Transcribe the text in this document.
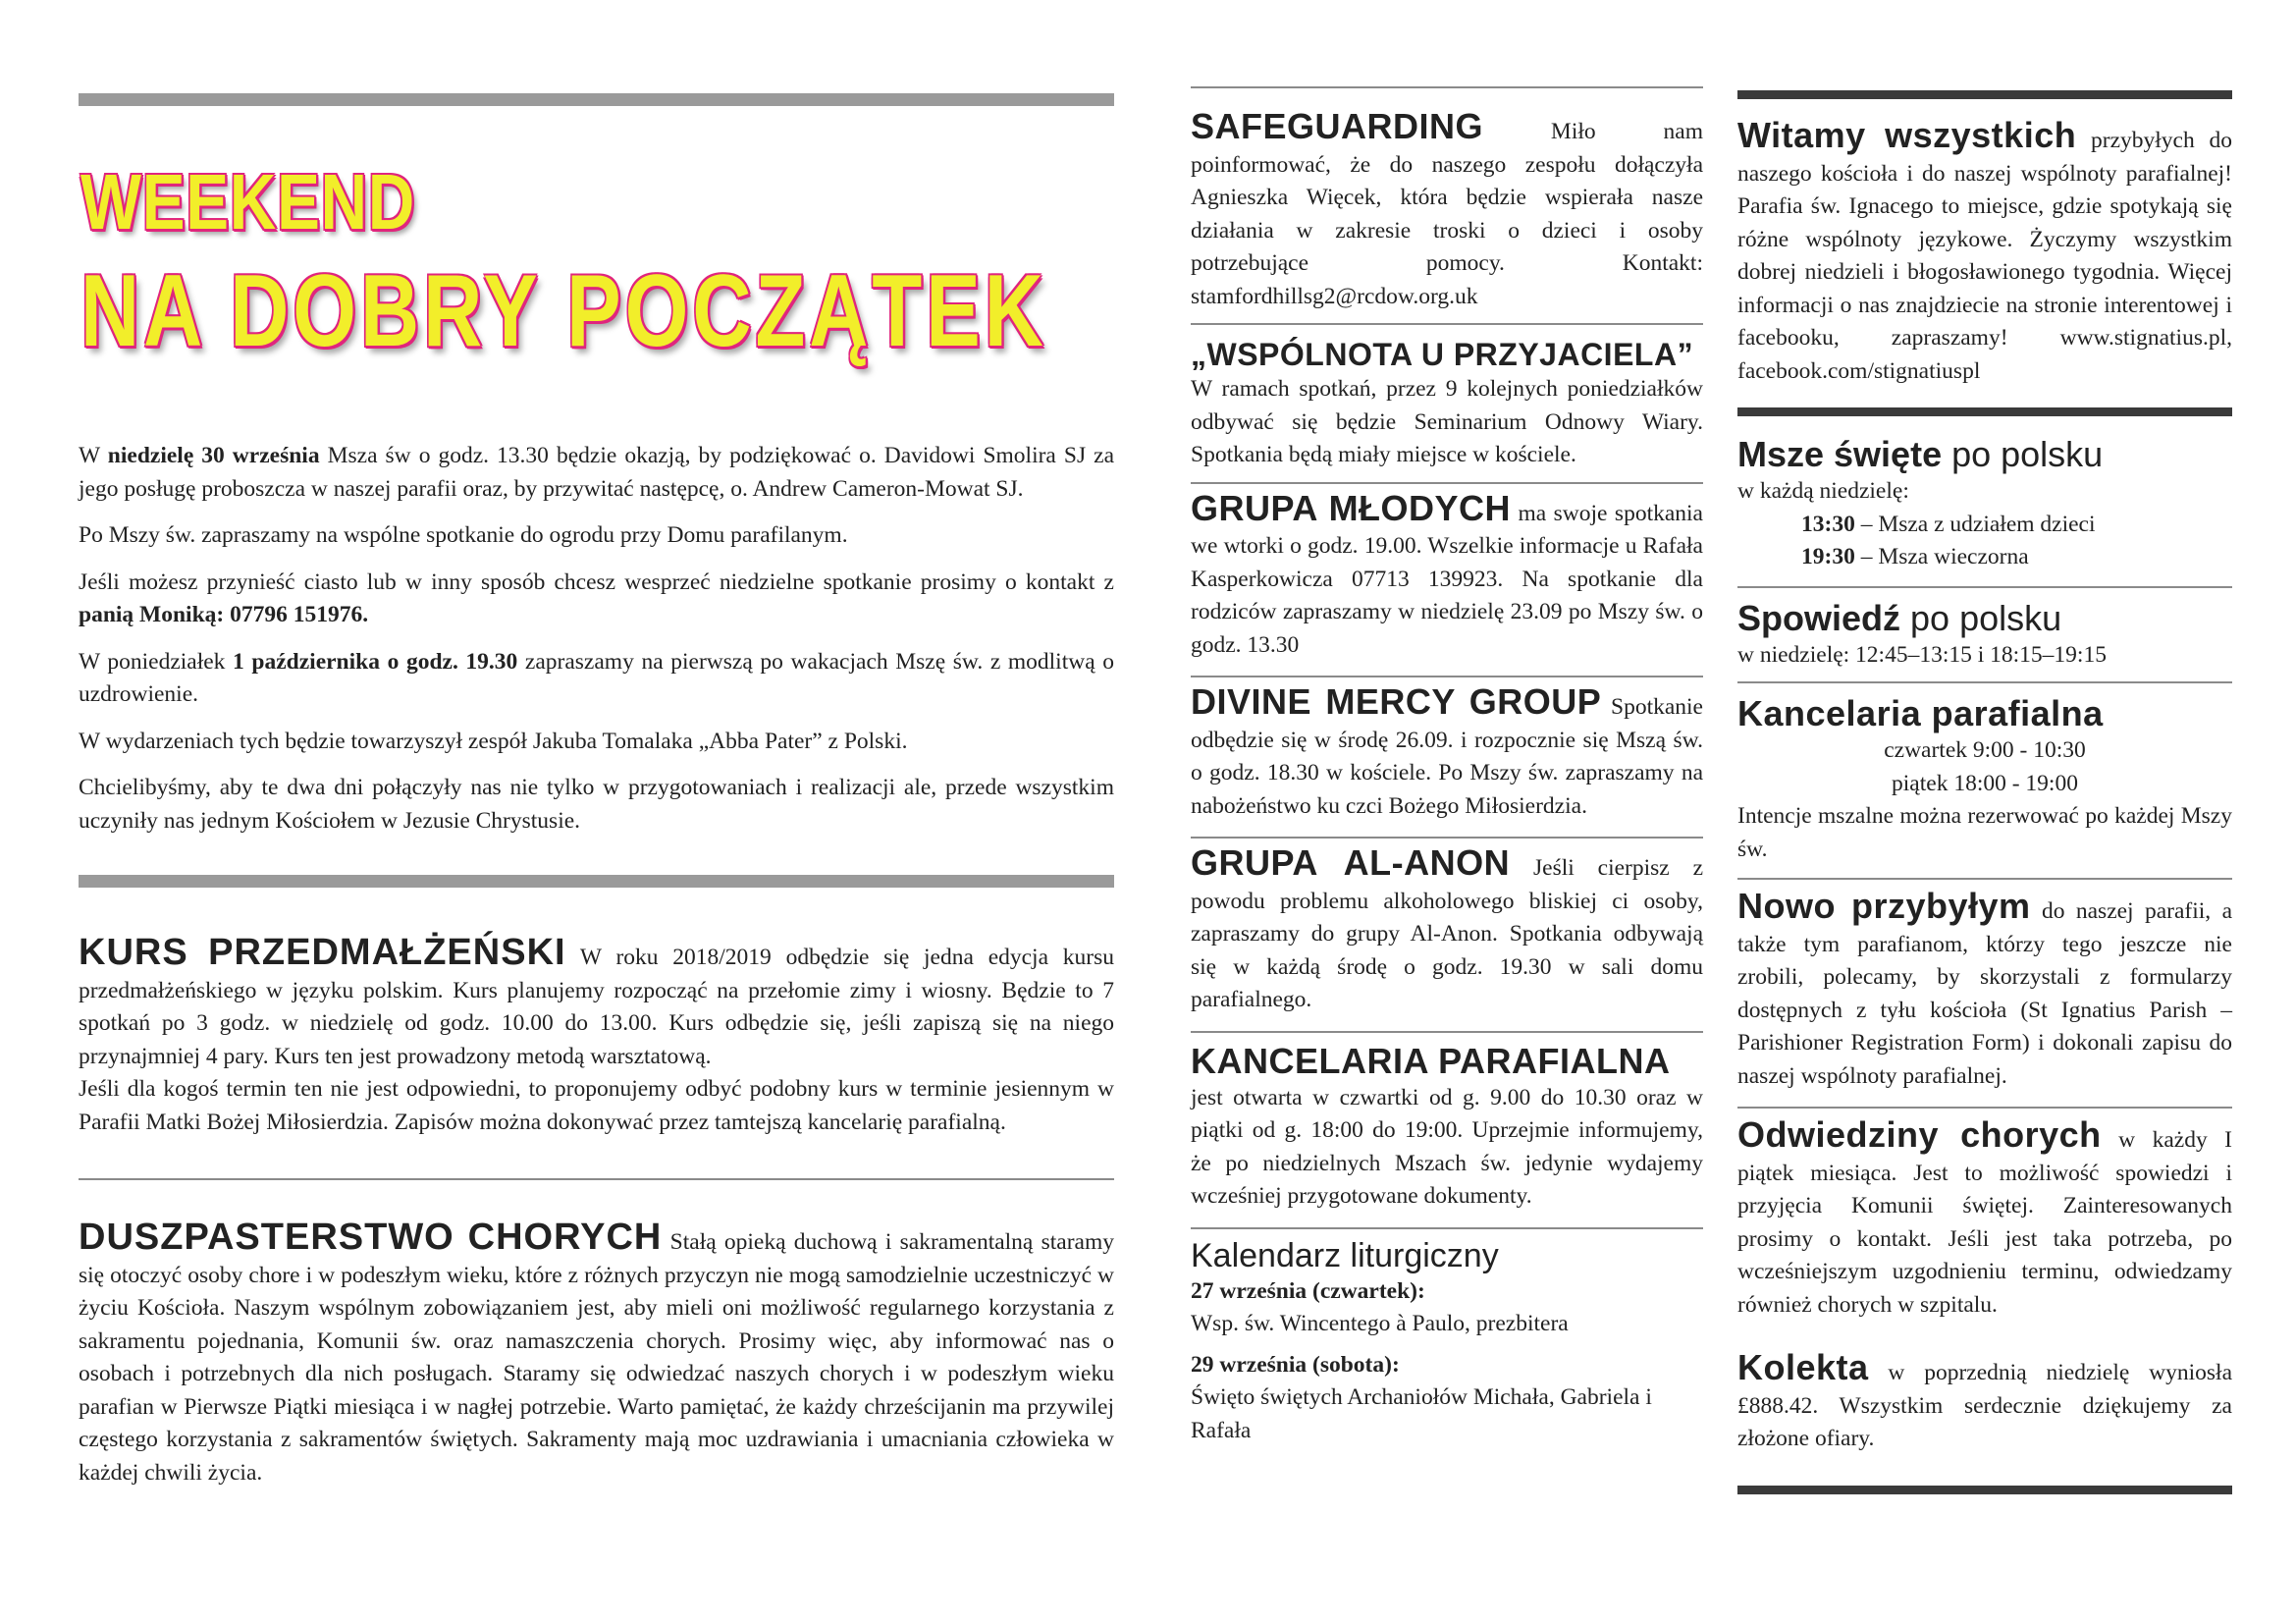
WEEKEND
NA DOBRY POCZĄTEK

W niedzielę 30 września Msza św o godz. 13.30 będzie okazją, by podziękować o. Davidowi Smolira SJ za jego posługę proboszcza w naszej parafii oraz, by przywitać następcę, o. Andrew Cameron-Mowat SJ.

Po Mszy św. zapraszamy na wspólne spotkanie do ogrodu przy Domu parafilanym.

Jeśli możesz przynieść ciasto lub w inny sposób chcesz wesprzeć niedzielne spotkanie prosimy o kontakt z panią Moniką: 07796 151976.

W poniedziałek 1 października o godz. 19.30 zapraszamy na pierwszą po wakacjach Mszę św. z modlitwą o uzdrowienie.

W wydarzeniach tych będzie towarzyszył zespół Jakuba Tomalaka „Abba Pater” z Polski.

Chcielibyśmy, aby te dwa dni połączyły nas nie tylko w przygotowaniach i realizacji ale, przede wszystkim uczyniły nas jednym Kościołem w Jezusie Chrystusie.

KURS PRZEDMAŁŻEŃSKI W roku 2018/2019 odbędzie się jedna edycja kursu przedmałżeńskiego w języku polskim. Kurs planujemy rozpocząć na przełomie zimy i wiosny. Będzie to 7 spotkań po 3 godz. w niedzielę od godz. 10.00 do 13.00. Kurs odbędzie się, jeśli zapiszą się na niego przynajmniej 4 pary. Kurs ten jest prowadzony metodą warsztatową.

Jeśli dla kogoś termin ten nie jest odpowiedni, to proponujemy odbyć podobny kurs w terminie jesiennym w Parafii Matki Bożej Miłosierdzia. Zapisów można dokonywać przez tamtejszą kancelarię parafialną.

DUSZPASTERSTWO CHORYCH Stałą opieką duchową i sakramentalną staramy się otoczyć osoby chore i w podeszłym wieku, które z różnych przyczyn nie mogą samodzielnie uczestniczyć w życiu Kościoła. Naszym wspólnym zobowiązaniem jest, aby mieli oni możliwość regularnego korzystania z sakramentu pojednania, Komunii św. oraz namaszczenia chorych. Prosimy więc, aby informować nas o osobach i potrzebnych dla nich posługach. Staramy się odwiedzać naszych chorych i w podeszłym wieku parafian w Pierwsze Piątki miesiąca i w nagłej potrzebie. Warto pamiętać, że każdy chrześcijanin ma przywilej częstego korzystania z sakramentów świętych. Sakramenty mają moc uzdrawiania i umacniania człowieka w każdej chwili życia.

SAFEGUARDING Miło nam poinformować, że do naszego zespołu dołączyła Agnieszka Więcek, która będzie wspierała nasze działania w zakresie troski o dzieci i osoby potrzebujące pomocy. Kontakt: stamfordhillsg2@rcdow.org.uk

„WSPÓLNOTA U PRZYJACIELA”

W ramach spotkań, przez 9 kolejnych poniedziałków odbywać się będzie Seminarium Odnowy Wiary. Spotkania będą miały miejsce w kościele.

GRUPA MŁODYCH ma swoje spotkania we wtorki o godz. 19.00. Wszelkie informacje u Rafała Kasperkowicza 07713 139923. Na spotkanie dla rodziców zapraszamy w niedzielę 23.09 po Mszy św. o godz. 13.30

DIVINE MERCY GROUP Spotkanie odbędzie się w środę 26.09. i rozpocznie się Mszą św. o godz. 18.30 w kościele. Po Mszy św. zapraszamy na nabożeństwo ku czci Bożego Miłosierdzia.

GRUPA AL-ANON Jeśli cierpisz z powodu problemu alkoholowego bliskiej ci osoby, zapraszamy do grupy Al-Anon. Spotkania odbywają się w każdą środę o godz. 19.30 w sali domu parafialnego.

KANCELARIA PARAFIALNA

jest otwarta w czwartki od g. 9.00 do 10.30 oraz w piątki od g. 18:00 do 19:00. Uprzejmie informujemy, że po niedzielnych Mszach św. jedynie wydajemy wcześniej przygotowane dokumenty.

Kalendarz liturgiczny

27 września (czwartek):

Wsp. św. Wincentego à Paulo, prezbitera

29 września (sobota):

Święto świętych Archaniołów Michała, Gabriela i Rafała

Witamy wszystkich przybyłych do naszego kościoła i do naszej wspólnoty parafialnej! Parafia św. Ignacego to miejsce, gdzie spotykają się różne wspólnoty językowe. Życzymy wszystkim dobrej niedzieli i błogosławionego tygodnia. Więcej informacji o nas znajdziecie na stronie interentowej i facebooku, zapraszamy! www.stignatius.pl, facebook.com/stignatiuspl

Msze święte po polsku

w każdą niedzielę:

13:30 – Msza z udziałem dzieci

19:30 – Msza wieczorna

Spowiedź po polsku

w niedzielę: 12:45–13:15 i 18:15–19:15

Kancelaria parafialna

czwartek 9:00 - 10:30

piątek 18:00 - 19:00

Intencje mszalne można rezerwować po każdej Mszy św.

Nowo przybyłym do naszej parafii, a także tym parafianom, którzy tego jeszcze nie zrobili, polecamy, by skorzystali z formularzy dostępnych z tyłu kościoła (St Ignatius Parish – Parishioner Registration Form) i dokonali zapisu do naszej wspólnoty parafialnej.

Odwiedziny chorych w każdy I piątek miesiąca. Jest to możliwość spowiedzi i przyjęcia Komunii świętej. Zainteresowanych prosimy o kontakt. Jeśli jest taka potrzeba, po wcześniejszym uzgodnieniu terminu, odwiedzamy również chorych w szpitalu.

Kolekta w poprzednią niedzielę wyniosła £888.42. Wszystkim serdecznie dziękujemy za złożone ofiary.
